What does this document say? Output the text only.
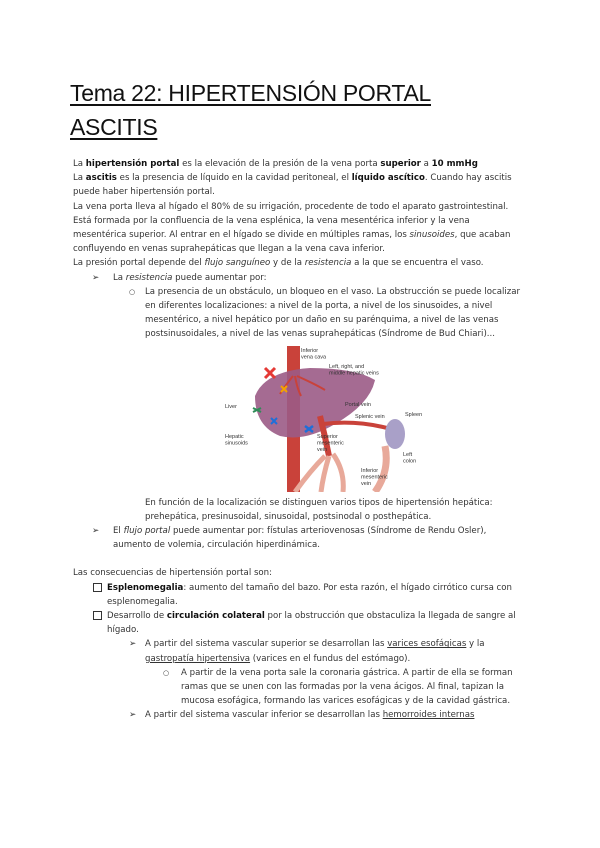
Tema 22: HIPERTENSIÓN PORTAL
ASCITIS

La hipertensión portal es la elevación de la presión de la vena porta superior a 10 mmHg

La ascitis es la presencia de líquido en la cavidad peritoneal, el líquido ascítico. Cuando hay ascitis puede haber hipertensión portal.

La vena porta lleva al hígado el 80% de su irrigación, procedente de todo el aparato gastrointestinal. Está formada por la confluencia de la vena esplénica, la vena mesentérica inferior y la vena mesentérica superior. Al entrar en el hígado se divide en múltiples ramas, los sinusoides, que acaban confluyendo en venas suprahepáticas que llegan a la vena cava inferior.

La presión portal depende del flujo sanguíneo y de la resistencia a la que se encuentra el vaso.

➢ La resistencia puede aumentar por:

○ La presencia de un obstáculo, un bloqueo en el vaso. La obstrucción se puede localizar en diferentes localizaciones: a nivel de la porta, a nivel de los sinusoides, a nivel mesentérico, a nivel hepático por un daño en su parénquima, a nivel de las venas postsinusoidales, a nivel de las venas suprahepáticas (Síndrome de Bud Chiari)...

Inferior vena cava
Left, right, and middle hepatic veins
Liver	Portal vein
Splenic vein	Spleen
Hepatic sinusoids
Superior mesenteric vein
Left colon
Inferior mesenteric vein

En función de la localización se distinguen varios tipos de hipertensión hepática: prehepática, presinusoidal, sinusoidal, postsinodal o posthepática.

➢ El flujo portal puede aumentar por: fístulas arteriovenosas (Síndrome de Rendu Osler), aumento de volemia, circulación hiperdinámica.

Las consecuencias de hipertensión portal son:

Esplenomegalia: aumento del tamaño del bazo. Por esta razón, el hígado cirrótico cursa con esplenomegalia.

Desarrollo de circulación colateral por la obstrucción que obstaculiza la llegada de sangre al hígado.

➢ A partir del sistema vascular superior se desarrollan las varices esofágicas y la gastropatía hipertensiva (varices en el fundus del estómago).

○ A partir de la vena porta sale la coronaria gástrica. A partir de ella se forman ramas que se unen con las formadas por la vena ácigos. Al final, tapizan la mucosa esofágica, formando las varices esofágicas y de la cavidad gástrica.

➢ A partir del sistema vascular inferior se desarrollan las hemorroides internas
